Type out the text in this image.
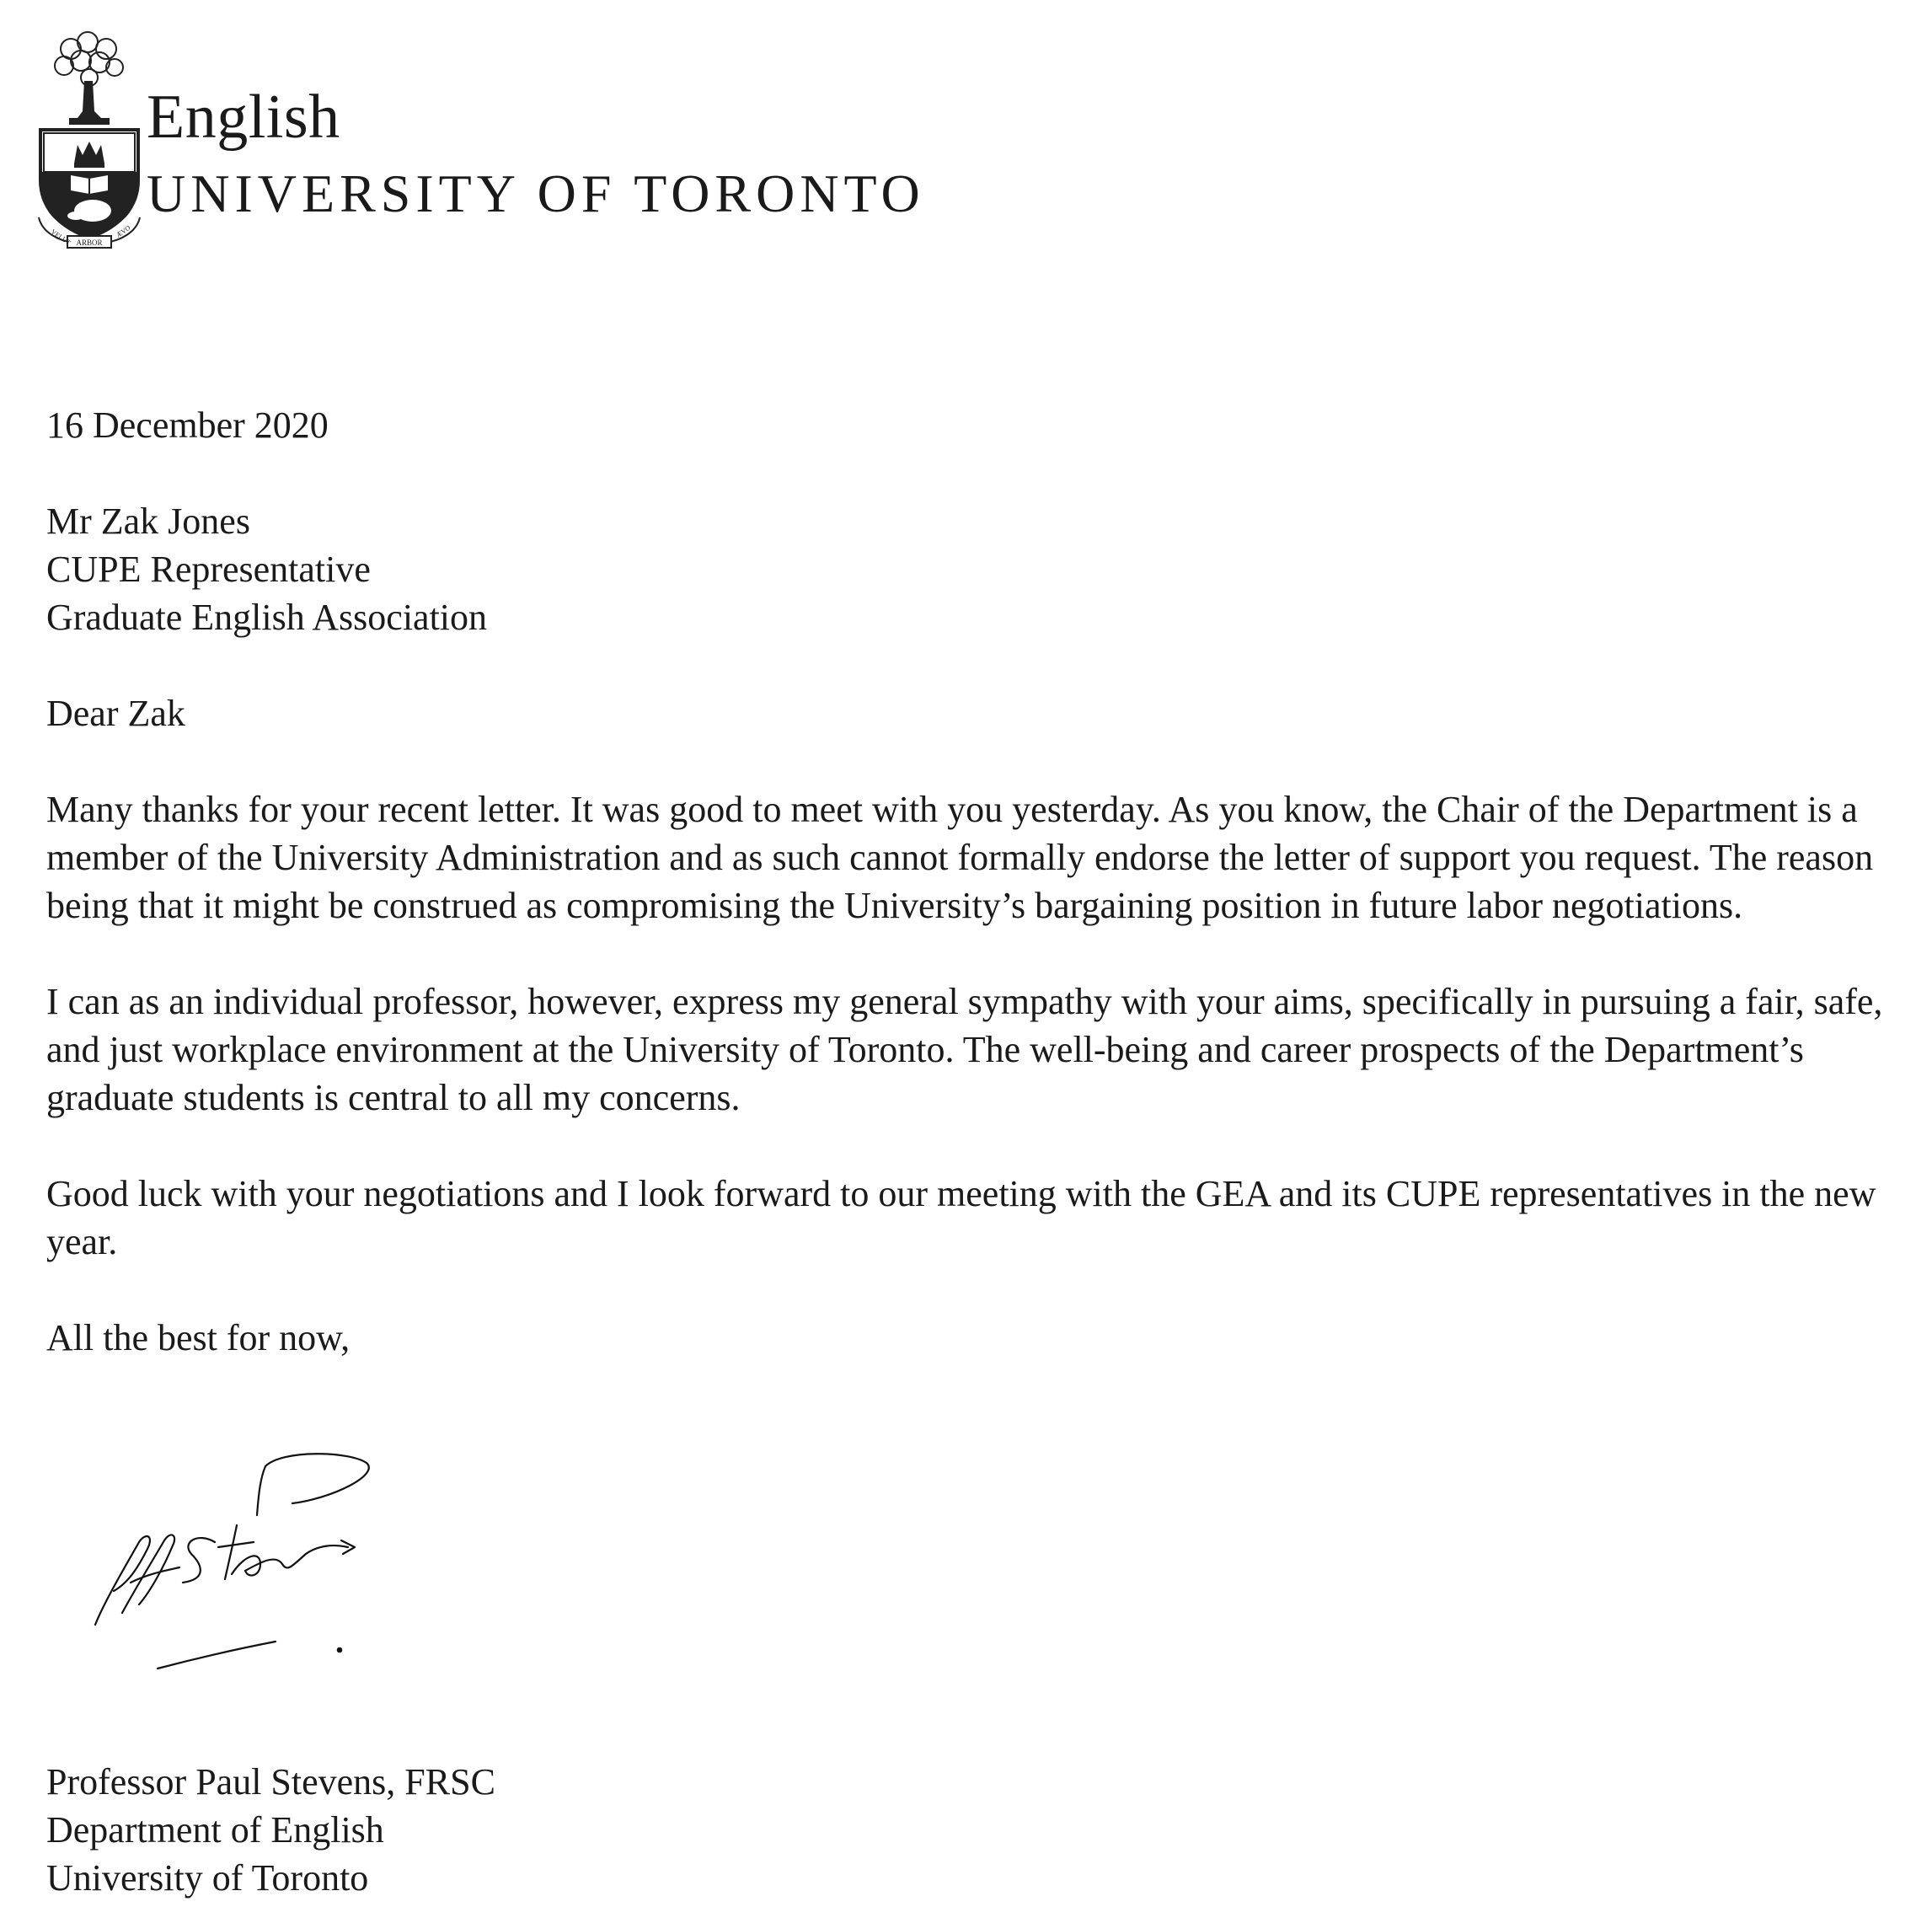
ARBOR
VELUT	ÆVO
English
UNIVERSITY OF TORONTO

16 December 2020

Mr Zak Jones

CUPE Representative

Graduate English Association

Dear Zak

Many thanks for your recent letter. It was good to meet with you yesterday. As you know, the Chair of the Department is a member of the University Administration and as such cannot formally endorse the letter of support you request. The reason being that it might be construed as compromising the University’s bargaining position in future labor negotiations.

I can as an individual professor, however, express my general sympathy with your aims, specifically in pursuing a fair, safe, and just workplace environment at the University of Toronto. The well-being and career prospects of the Department’s graduate students is central to all my concerns.

Good luck with your negotiations and I look forward to our meeting with the GEA and its CUPE representatives in the new year.

All the best for now,

Professor Paul Stevens, FRSC
Department of English
University of Toronto
